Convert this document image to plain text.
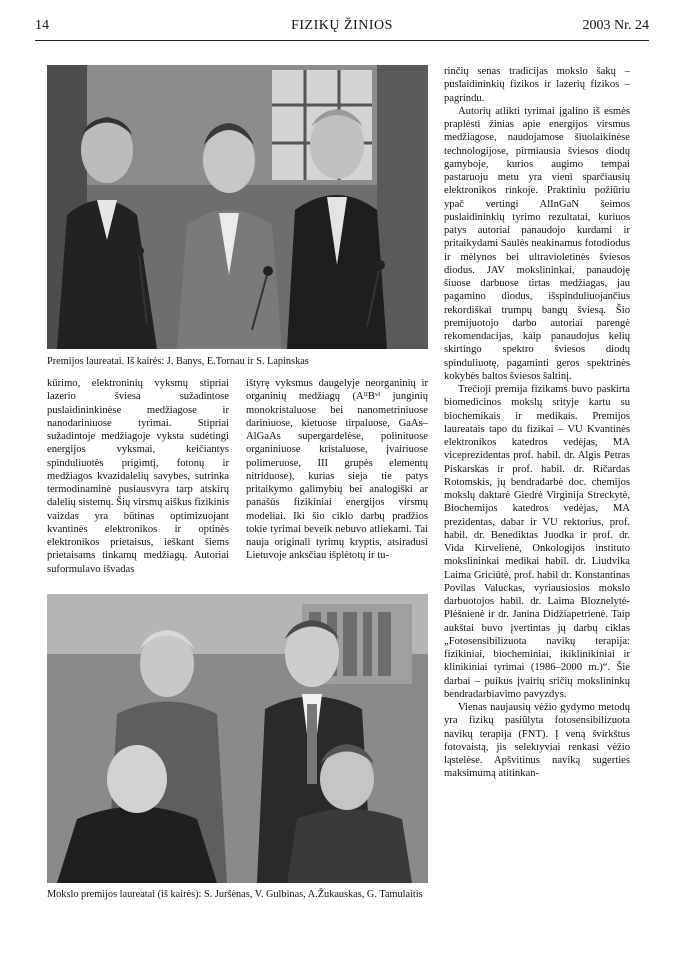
14	FIZIKŲ ŽINIOS	2003 Nr. 24
Premijos laureatai. Iš kairės: J. Banys, E.Tornau ir S. Lapinskas

kūrimo, elektroninių vyksmų stipriai lazerio šviesa sužadintose puslaidininkinėse medžiagose ir nanodariniuose tyrimai. Stipriai sužadintoje medžiagoje vyksta sudėtingi energijos vyksmai, keičiantys spinduliuotės prigimtį, fotonų ir medžiagos kvazidalelių savybes, sutrinka termodinaminė pusiausvyra tarp atskirų dalelių sistemų. Šių virsmų aiškus fizikinis vaizdas yra būtinas optimizuojant kvantinės elektronikos ir optinės elektronikos prietaisus, ieškant šiems prietaisams tinkamų medžiagų. Autoriai suformulavo išvadas

ištyrę vyksmus daugelyje neorganinių ir organinių medžiagų (AᴵᴵBᵛᴵ junginių monokristaluose bei nanometriniuose dariniuose, kietuose tirpaluose, GaAs–AlGaAs supergardelėse, polinituose organiniuose kristaluose, įvairiuose polimeruose, III grupės elementų nitriduose), kurias sieja tie patys pritaikymo galimybių bei analogiški ar panašūs fizikiniai energijos virsmų modeliai. Iki šio ciklo darbų pradžios tokie tyrimai beveik nebuvo atliekami. Tai nauja originali tyrimų kryptis, atsiradusi Lietuvoje anksčiau išplėtotų ir tu-

Mokslo premijos laureatai (iš kairės): S. Juršėnas, V. Gulbinas, A.Žukauskas, G. Tamulaitis

rinčių senas tradicijas mokslo šakų – puslaidininkių fizikos ir lazerių fizikos – pagrindu.

Autorių atlikti tyrimai įgalino iš esmės praplėsti žinias apie energijos virsmus medžiagose, naudojamose šiuolaikinėse technologijose, pirmiausia šviesos diodų gamyboje, kurios augimo tempai pastaruoju metu yra vieni sparčiausių elektronikos rinkoje. Praktiniu požiūriu ypač vertingi AlInGaN šeimos puslaidininkių tyrimo rezultatai, kuriuos patys autoriai panaudojo kurdami ir pritaikydami Saulės neakinamus fotodiodus ir mėlynos bei ultravioletinės šviesos diodus. JAV mokslininkai, panaudoję šiuose darbuose tirtas medžiagas, jau pagamino diodus, išspinduliuojančius rekordiškai trumpų bangų šviesą. Šio premijuotojo darbo autoriai parengė rekomendacijas, kaip panaudojus kelių skirtingo spektro šviesos diodų spinduliuotę, pagaminti geros spektrinės kokybės baltos šviesos šaltinį.

Trečioji premija fizikams buvo paskirta biomedicinos mokslų srityje kartu su biochemikais ir medikais. Premijos laureatais tapo du fizikai – VU Kvantinės elektronikos katedros vedėjas, MA viceprezidentas prof. habil. dr. Algis Petras Piskarskas ir prof. habil. dr. Ričardas Rotomskis, jų bendradarbė doc. chemijos mokslų daktarė Giedrė Virginija Streckytė, Biochemijos katedros vedėjas, MA prezidentas, dabar ir VU rektorius, prof. habil. dr. Benediktas Juodka ir prof. dr. Vida Kirvelienė, Onkologijos instituto mokslininkai medikai habil. dr. Liudvika Laima Griciūtė, prof. habil dr. Konstantinas Povilas Valuckas, vyriausiosios mokslo darbuotojos habil. dr. Laima Bloznelytė-Plėšnienė ir dr. Janina Didžiapetrienė. Taip aukštai buvo įvertintas jų darbų ciklas „Fotosensibilizuota navikų terapija: fizikiniai, biocheminiai, ikiklinikiniai ir klinikiniai tyrimai (1986–2000 m.)“. Šie darbai – puikus įvairių sričių mokslininkų bendradarbiavimo pavyzdys.

Vienas naujausių vėžio gydymo metodų yra fizikų pasiūlyta fotosensibilizuota navikų terapija (FNT). Į veną švirkštus fotovaistą, jis selektyviai renkasi vėžio ląstelėse. Apšvitinus naviką sugerties maksimumą atitinkan-
